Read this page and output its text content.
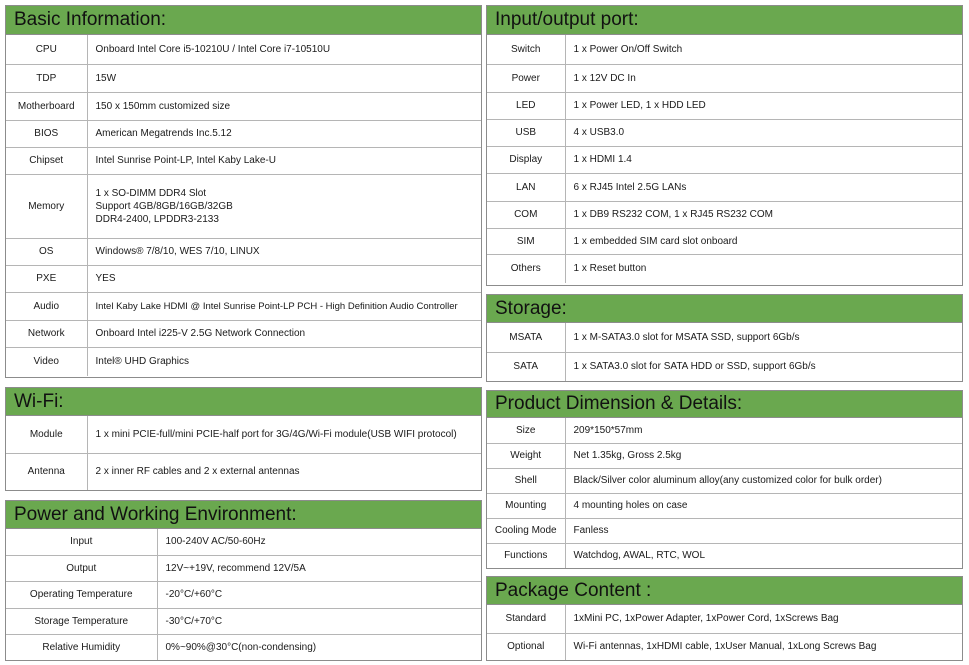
Basic Information:
CPU	Onboard Intel Core i5-10210U / Intel Core i7-10510U
TDP	15W
Motherboard	150 x 150mm customized size
BIOS	American Megatrends Inc.5.12
Chipset	Intel Sunrise Point-LP, Intel Kaby Lake-U
Memory	1 x SO-DIMM DDR4 Slot
Support 4GB/8GB/16GB/32GB
DDR4-2400, LPDDR3-2133

OS	Windows® 7/8/10, WES 7/10, LINUX
PXE	YES
Audio	Intel Kaby Lake HDMI @ Intel Sunrise Point-LP PCH - High Definition Audio Controller
Network	Onboard Intel i225-V 2.5G Network Connection
Video	Intel® UHD Graphics
Wi-Fi:
Module	1 x mini PCIE-full/mini PCIE-half port for 3G/4G/Wi-Fi module(USB WIFI protocol)
Antenna	2 x inner RF cables and 2 x external antennas
Power and Working Environment:
Input	100-240V AC/50-60Hz
Output	12V~+19V, recommend 12V/5A
Operating Temperature	-20°C/+60°C
Storage Temperature	-30°C/+70°C
Relative Humidity	0%~90%@30°C(non-condensing)
Input/output port:
Switch	1 x Power On/Off Switch
Power	1 x 12V DC In
LED	1 x Power LED, 1 x HDD LED
USB	4 x USB3.0
Display	1 x HDMI 1.4
LAN	6 x RJ45 Intel 2.5G LANs
COM	1 x DB9 RS232 COM, 1 x RJ45 RS232 COM
SIM	1 x embedded SIM card slot onboard
Others	1 x Reset button
Storage:
MSATA	1 x M-SATA3.0 slot for MSATA SSD, support 6Gb/s
SATA	1 x SATA3.0 slot for SATA HDD or SSD, support 6Gb/s
Product Dimension & Details:
Size	209*150*57mm
Weight	Net 1.35kg, Gross 2.5kg
Shell	Black/Silver color aluminum alloy(any customized color for bulk order)
Mounting	4 mounting holes on case
Cooling Mode	Fanless
Functions	Watchdog, AWAL, RTC, WOL
Package Content :
Standard	1xMini PC, 1xPower Adapter, 1xPower Cord, 1xScrews Bag
Optional	Wi-Fi antennas, 1xHDMI cable, 1xUser Manual, 1xLong Screws Bag
